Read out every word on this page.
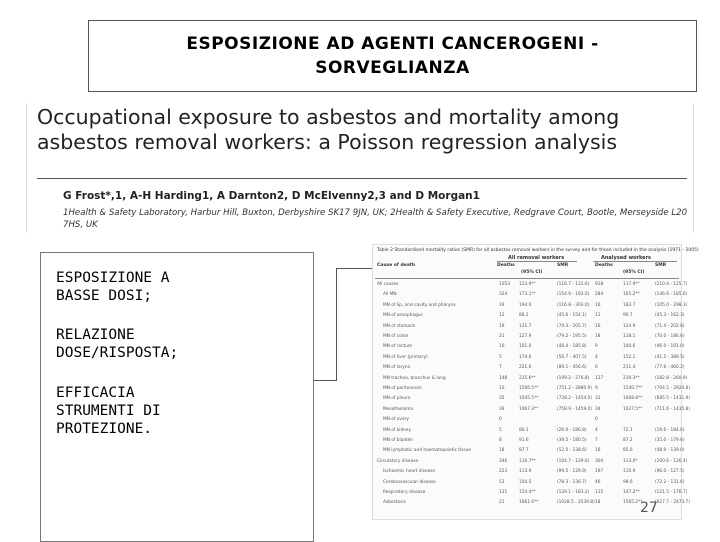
ESPOSIZIONE AD AGENTI CANCEROGENI -
SORVEGLIANZA
Occupational exposure to asbestos and mortality among asbestos removal workers: a Poisson regression analysis
G Frost*,1, A-H Harding1, A Darnton2, D McElvenny2,3 and D Morgan1
1Health & Safety Laboratory, Harbur Hill, Buxton, Derbyshire SK17 9JN, UK; 2Health & Safety Executive, Redgrave Court, Bootle, Merseyside L20 7HS, UK
ESPOSIZIONE A
BASSE DOSI;
RELAZIONE
DOSE/RISPOSTA;
EFFICACIA
STRUMENTI DI
PROTEZIONE.
Table 2 Standardised mortality ratios (SMR) for all asbestos removal workers in the survey and for those included in the analysis (1971 - 2005)
All removal workers	Analysed workers
Cause of death	Deaths	SMR
(95% CI)
Deaths	SMR
(95% CI)
All causes	1053 123.9**	(116.7 - 131.6) 918	117.9**	(110.4 - 125.7)
All MN	324	173.1**	(154.9 - 193.0) 284	165.2**	(146.6 - 185.6)
MN of lip, oral cavity and pharynx	19	194.0	(116.8 - 303.0) 16	183.7	(105.0 - 298.3)
MN of oesophagus	12	88.2	(45.6 - 154.1) 11	90.7	(45.3 - 162.3)
MN of stomach	19	131.7	(79.3 - 205.7) 16	124.9	(71.4 - 202.8)
MN of colon	21	127.9	(79.2 - 195.5) 18	118.1	(70.0 - 186.6)
MN of rectum	10	101.0	(48.4 - 185.8) 9	100.6	(46.0 - 191.0)
MN of liver (primary)	5	174.6	(56.7 - 407.5) 4	152.1	(41.5 - 389.5)
MN of larynx	7	221.6	(89.1 - 456.6) 6	211.4	(77.6 - 460.2)
MN trachea, bronchus & lung	148	235.6**	(199.2 - 276.8) 127	219.3**	(182.8 - 260.9)
MN of peritoneum	10	1566.5**	(751.2 - 2880.9) 9	1540.7**	(704.5 - 2924.8)
MN of pleura	35	1045.5**	(728.2 - 1454.0) 31	1008.8**	(685.5 - 1431.9)
Mesothelioma	39	1067.3**	(758.9 - 1459.0) 34	1027.5**	(711.6 - 1435.8)
MN of ovary	0	0
MN of kidney	5	80.1	(26.0 - 186.8) 4	72.1	(19.6 - 184.6)
MN of bladder	8	91.6	(39.5 - 180.5) 7	87.2	(35.0 - 179.6)
MN lymphatic and haematopoietic tissue	18	87.7	(52.0 - 138.6) 16	85.6	(48.9 - 139.0)
Circulatory disease	346	116.7**	(104.7 - 129.6) 304	113.0*	(100.6 - 126.4)
Ischaemic heart disease	223	113.9	(99.5 - 129.9) 197	110.9	(96.0 - 127.5)
Cerebrovascular disease	53	104.5	(78.3 - 136.7) 46	98.6	(72.2 - 131.6)
Respiratory disease	131	154.4**	(129.1 - 183.2) 115	147.2**	(121.5 - 176.7)
Asbestosis	21	1661.6**	(1028.5 - 2539.8) 18	1565.2**	(927.7 - 2473.7)
27
